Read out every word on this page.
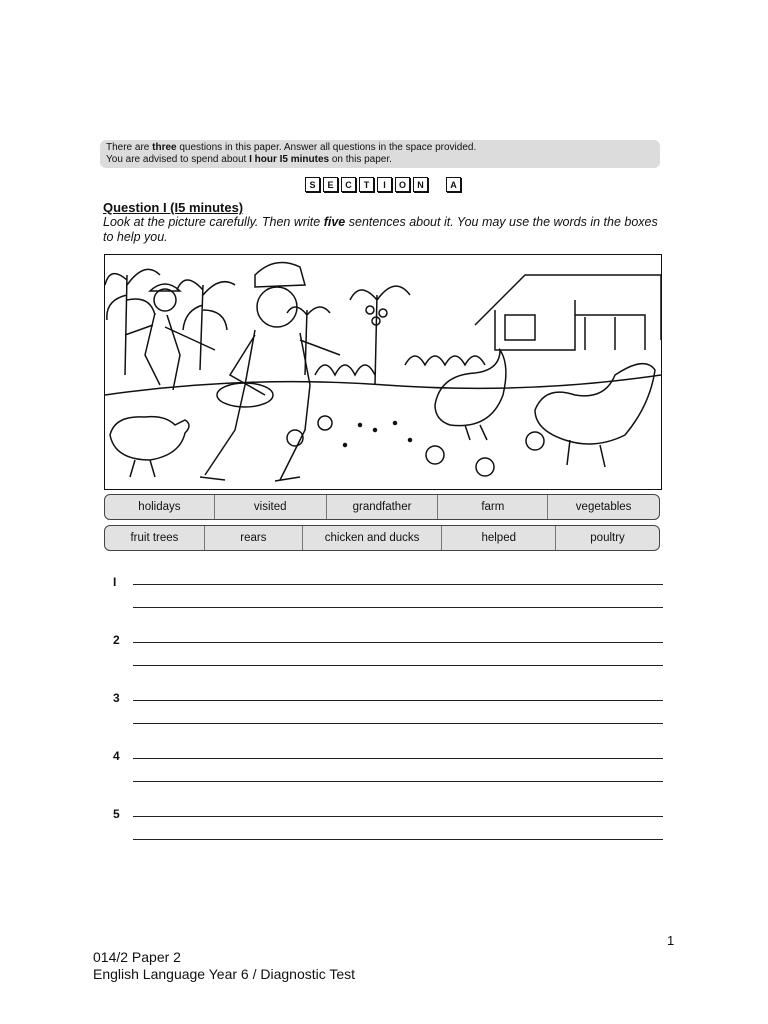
There are three questions in this paper. Answer all questions in the space provided.
You are advised to spend about I hour I5 minutes on this paper.
S	E	C	T	I	O	N	A
Question I (I5 minutes)
Look at the picture carefully. Then write five sentences about it. You may use the words in the boxes to help you.
holidays	visited	grandfather	farm	vegetables
fruit trees	rears	chicken and ducks	helped	poultry
I
2
3
4
5
1
014/2 Paper 2
English Language Year 6 / Diagnostic Test
